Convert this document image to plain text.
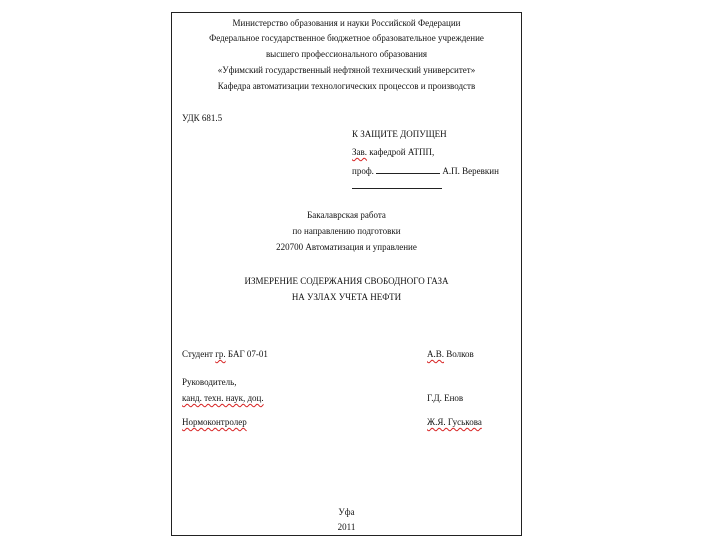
Министерство образования и науки Российской Федерации
Федеральное государственное бюджетное образовательное учреждение
высшего профессионального образования
«Уфимский государственный нефтяной технический университет»
Кафедра автоматизации технологических процессов и производств
УДК 681.5
К ЗАЩИТЕ ДОПУЩЕН
Зав. кафедрой АТПП,
проф.	А.П. Веревкин
Бакалаврская работа
по направлению подготовки
220700 Автоматизация и управление
ИЗМЕРЕНИЕ СОДЕРЖАНИЯ СВОБОДНОГО ГАЗА
НА УЗЛАХ УЧЕТА НЕФТИ
Студент гр. БАГ 07-01	А.В. Волков
Руководитель,
канд. техн. наук, доц.	Г.Д. Енов
Нормоконтролер	Ж.Я. Гуськова
Уфа
2011
